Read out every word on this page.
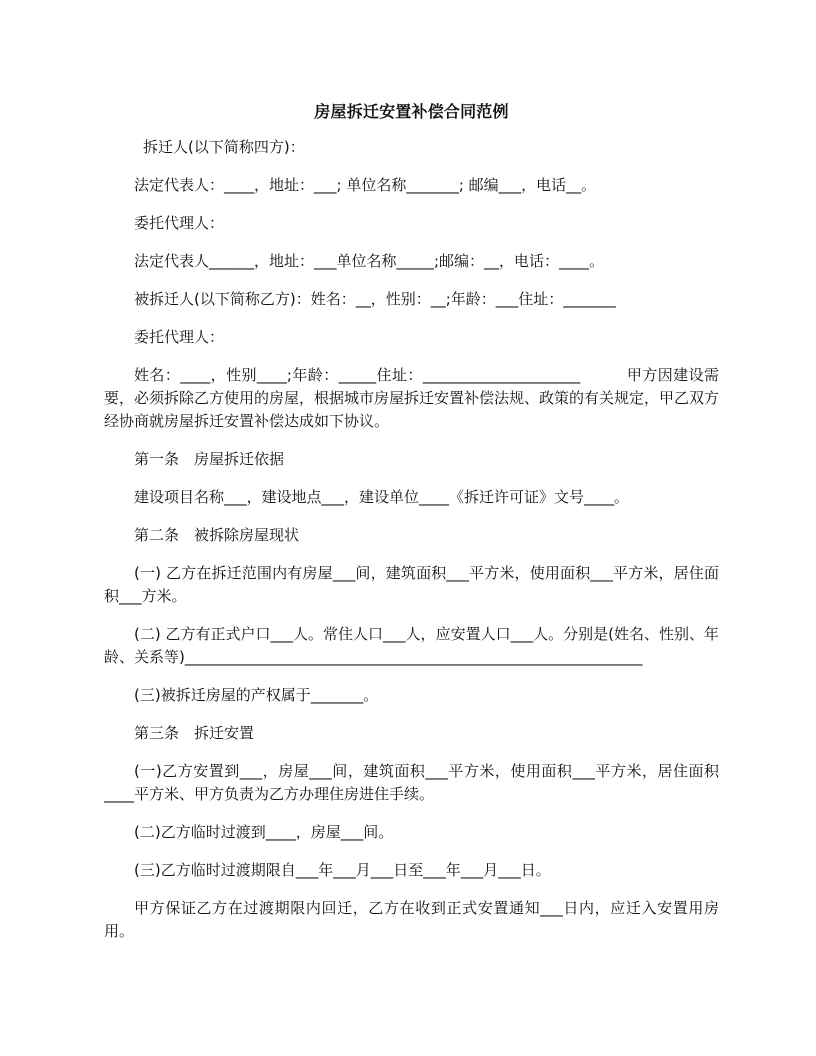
房屋拆迁安置补偿合同范例

拆迁人(以下简称四方)：

法定代表人：____，地址：___; 单位名称_______; 邮编___，电话__。

委托代理人：

法定代表人______，地址：___单位名称_____;邮编：__，电话：____。

被拆迁人(以下简称乙方)：姓名：__，性别：__;年龄：___住址：_______

委托代理人：

姓名：____，性别____;年龄：_____住址：_____________________　　　甲方因建设需要，必须拆除乙方使用的房屋，根据城市房屋拆迁安置补偿法规、政策的有关规定，甲乙双方经协商就房屋拆迁安置补偿达成如下协议。

第一条　房屋拆迁依据

建设项目名称___，建设地点___，建设单位____《拆迁许可证》文号____。

第二条　被拆除房屋现状

(一) 乙方在拆迁范围内有房屋___间，建筑面积___平方米，使用面积___平方米，居住面积___方米。

(二) 乙方有正式户口___人。常住人口___人，应安置人口___人。分别是(姓名、性别、年龄、关系等)_____________________________________________________________

(三)被拆迁房屋的产权属于_______。

第三条　拆迁安置

(一)乙方安置到___，房屋___间，建筑面积___平方米，使用面积___平方米，居住面积____平方米、甲方负责为乙方办理住房进住手续。

(二)乙方临时过渡到____，房屋___间。

(三)乙方临时过渡期限自___年___月___日至___年___月___日。

甲方保证乙方在过渡期限内回迁，乙方在收到正式安置通知___日内，应迁入安置用房用。
